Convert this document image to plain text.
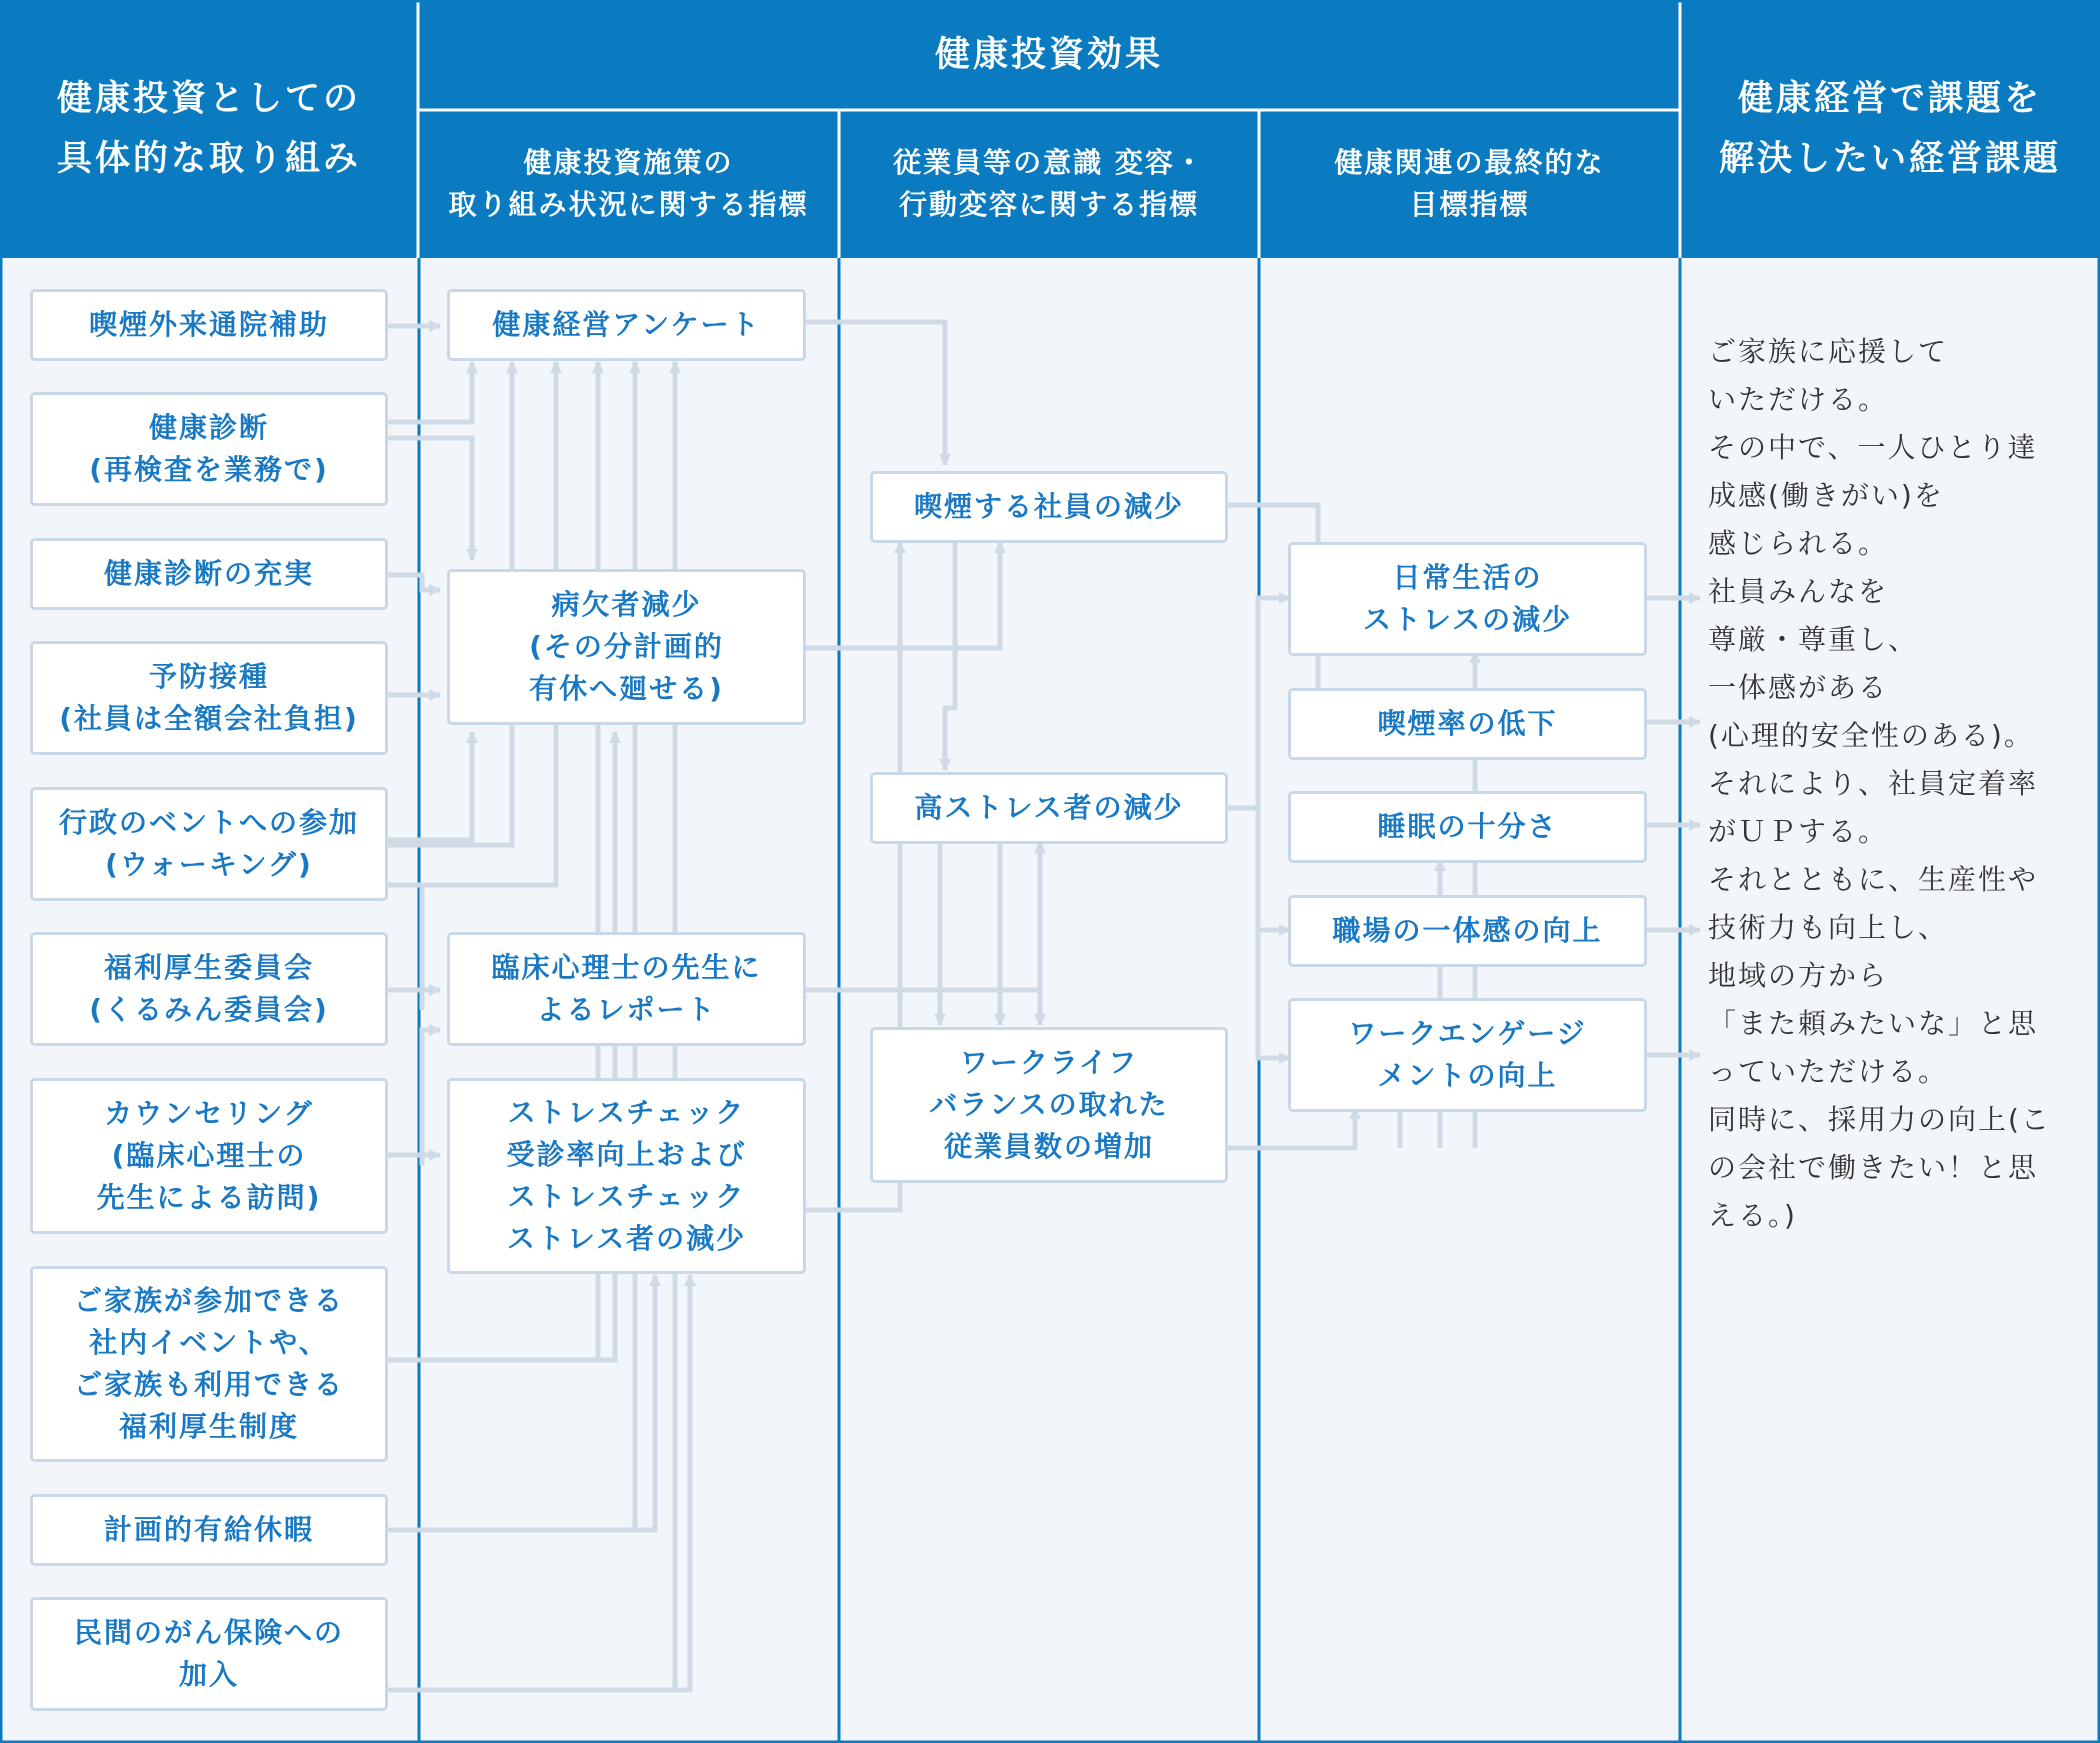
健康投資としての
具体的な取り組み
健康投資効果
健康投資施策の
取り組み状況に関する指標
従業員等の意識 変容・
行動変容に関する指標
健康関連の最終的な
目標指標
健康経営で課題を
解決したい経営課題
喫煙外来通院補助
健康診断
(再検査を業務で)
健康診断の充実
予防接種
(社員は全額会社負担)
行政のベントへの参加
(ウォーキング)
福利厚生委員会
(くるみん委員会)
カウンセリング
(臨床心理士の
先生による訪問)
ご家族が参加できる
社内イベントや、
ご家族も利用できる
福利厚生制度
計画的有給休暇
民間のがん保険への
加入
健康経営アンケート
病欠者減少
(その分計画的
有休へ廻せる)
臨床心理士の先生に
よるレポート
ストレスチェック
受診率向上および
ストレスチェック
ストレス者の減少
喫煙する社員の減少
高ストレス者の減少
ワークライフ
バランスの取れた
従業員数の増加
日常生活の
ストレスの減少
喫煙率の低下
睡眠の十分さ
職場の一体感の向上
ワークエンゲージ
メントの向上
ご家族に応援して
いただける。
その中で、一人ひとり達
成感(働きがい)を
感じられる。
社員みんなを
尊厳・尊重し、
一体感がある
(心理的安全性のある)。
それにより、社員定着率
がＵＰする。
それとともに、生産性や
技術力も向上し、
地域の方から
「また頼みたいな」と思
っていただける。
同時に、採用力の向上(こ
の会社で働きたい！と思
える。)
